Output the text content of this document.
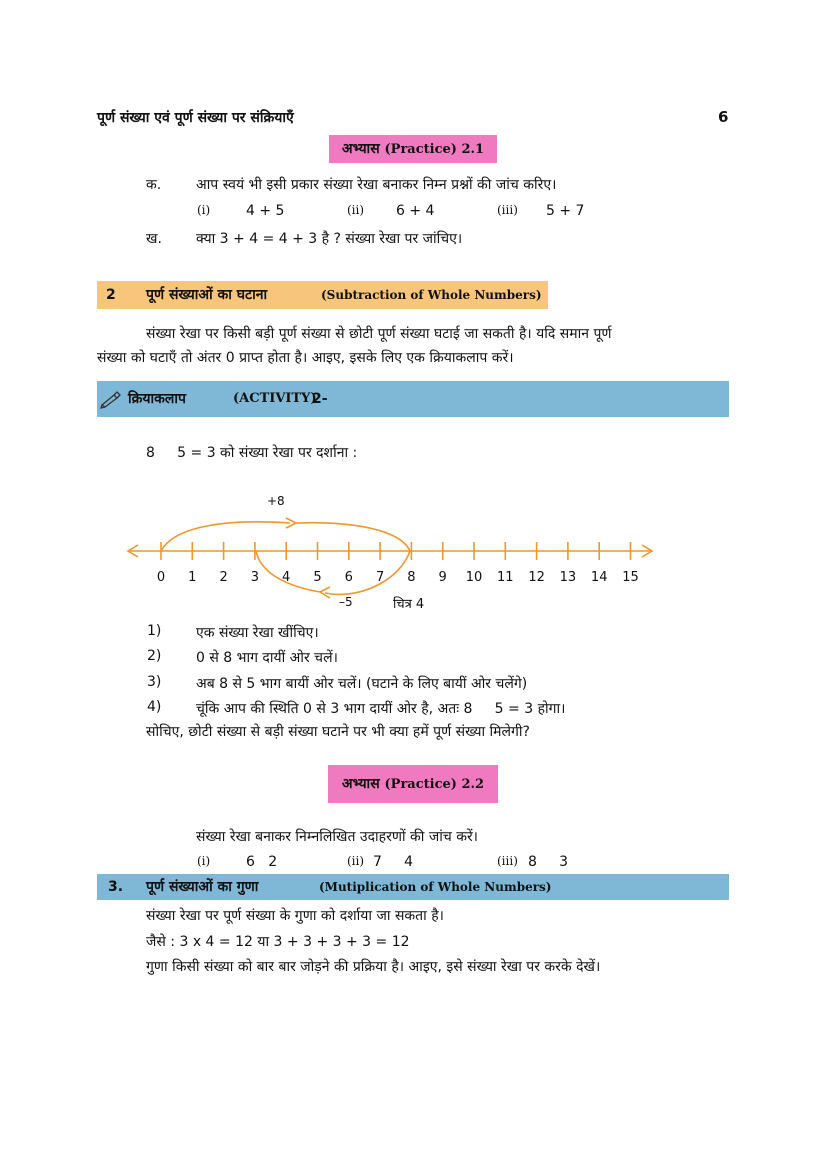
पूर्ण संख्या एवं पूर्ण संख्या पर संक्रियाएँ	6
अभ्यास (Practice) 2.1
क. आप स्वयं भी इसी प्रकार संख्या रेखा बनाकर निम्न प्रश्नों की जांच करिए।
(i)	4 + 5	(ii) 6 + 4	(iii) 5 + 7
ख. क्या 3 + 4 = 4 + 3 है ? संख्या रेखा पर जांचिए।
2 पूर्ण संख्याओं का घटाना	(Subtraction of Whole Numbers)
संख्या रेखा पर किसी बड़ी पूर्ण संख्या से छोटी पूर्ण संख्या घटाई जा सकती है। यदि समान पूर्ण
संख्या को घटाएँ तो अंतर 0 प्राप्त होता है। आइए, इसके लिए एक क्रियाकलाप करें।
क्रियाकलाप	(ACTIVITY)
2-
8     5 = 3 को संख्या रेखा पर दर्शाना :
+8
0 1 2 3 4 5 6 7 8 9 10 11 12 13 14 15
–5	चित्र 4
1) एक संख्या रेखा खींचिए।
2) 0 से 8 भाग दायीं ओर चलें।
3) अब 8 से 5 भाग बायीं ओर चलें। (घटाने के लिए बायीं ओर चलेंगे)
4) चूंकि आप की स्थिति 0 से 3 भाग दायीं ओर है, अतः 8     5 = 3 होगा।
सोचिए, छोटी संख्या से बड़ी संख्या घटाने पर भी क्या हमें पूर्ण संख्या मिलेगी?
अभ्यास (Practice) 2.2
संख्या रेखा बनाकर निम्नलिखित उदाहरणों की जांच करें।
(i)	6   2	(ii) 7     4	(iii) 8     3
3. पूर्ण संख्याओं का गुणा	(Mutiplication of Whole Numbers)
संख्या रेखा पर पूर्ण संख्या के गुणा को दर्शाया जा सकता है।
जैसे : 3 x 4 = 12 या 3 + 3 + 3 + 3 = 12
गुणा किसी संख्या को बार बार जोड़ने की प्रक्रिया है। आइए, इसे संख्या रेखा पर करके देखें।
